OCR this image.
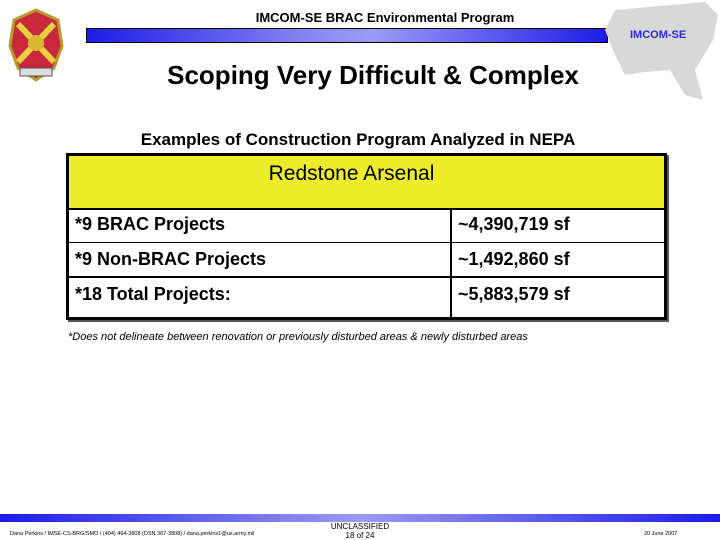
IMCOM-SE BRAC Environmental Program
IMCOM-SE
Scoping Very Difficult & Complex
Examples of Construction Program Analyzed in NEPA
Redstone Arsenal
*9 BRAC Projects	~4,390,719 sf
*9 Non-BRAC Projects	~1,492,860 sf
*18 Total Projects:	~5,883,579 sf
*Does not delineate between renovation or previously disturbed areas & newly disturbed areas
Dana Perkins / IMSE-CS-BRG/SMO / (404) 464-3808 (DSN 367-3808) / dana.perkins1@us.army.mil
UNCLASSIFIED
18 of 24	20 June 2007
